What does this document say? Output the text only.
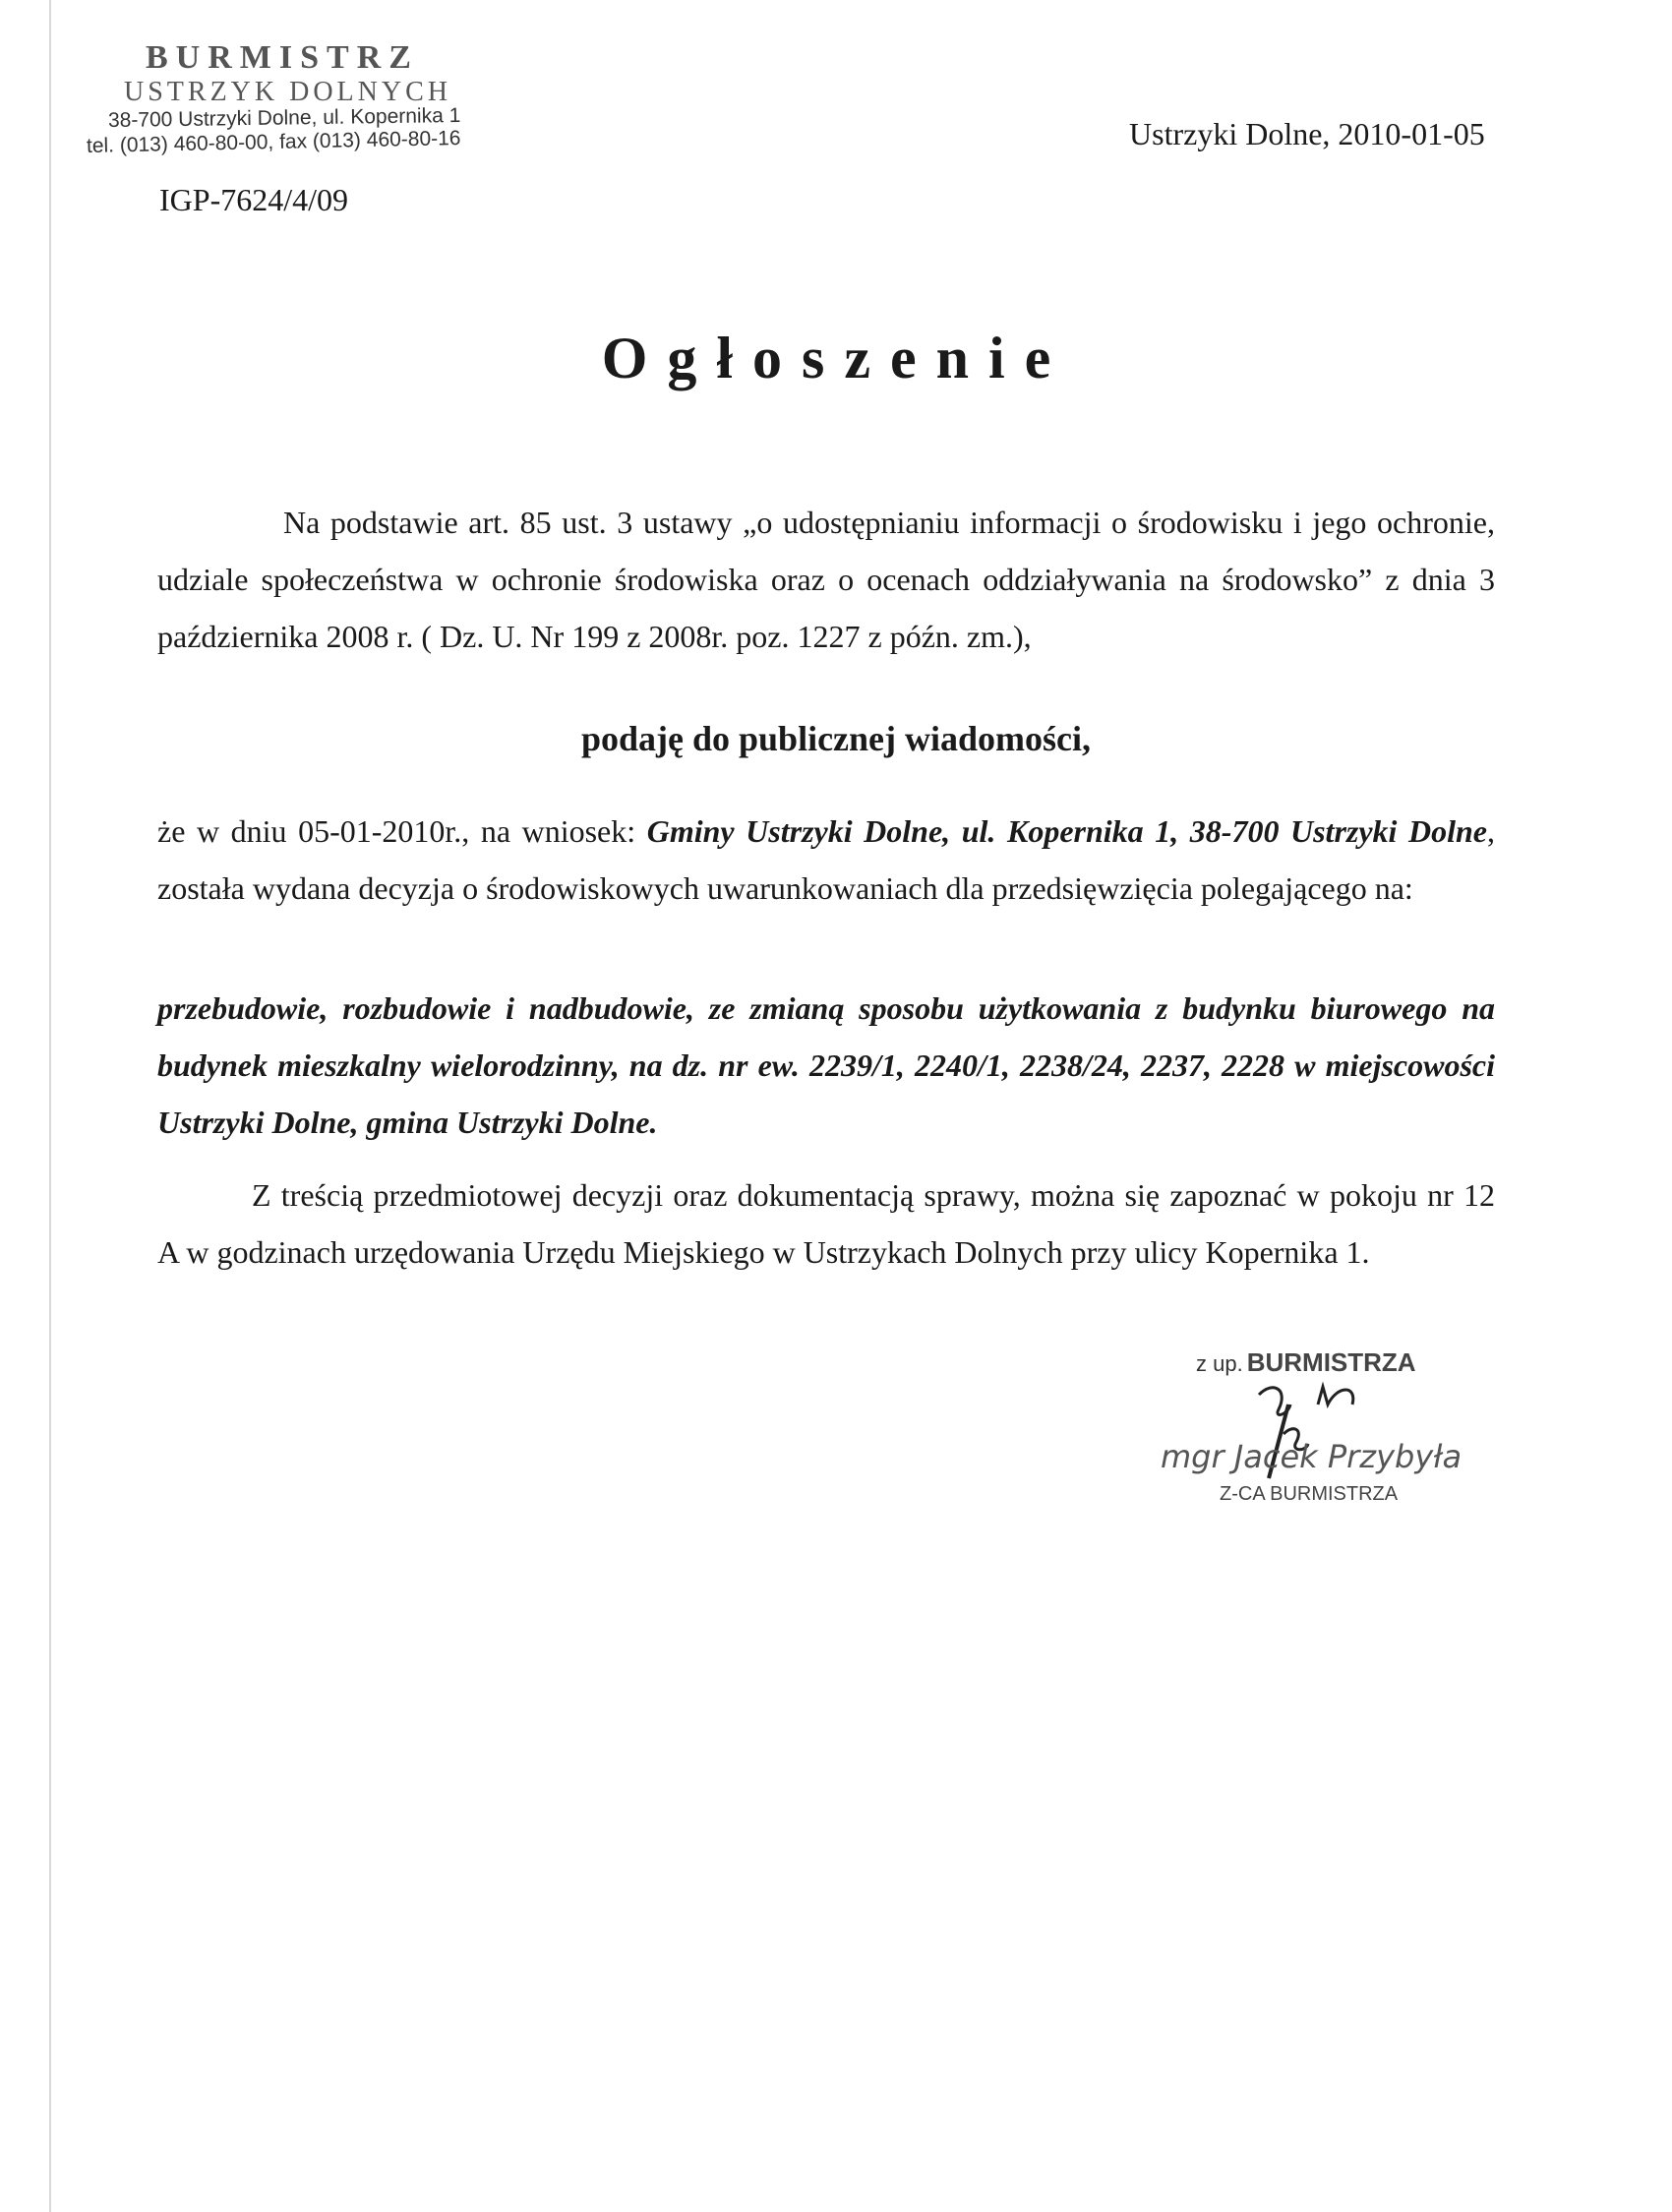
BURMISTRZ
USTRZYK DOLNYCH
38-700 Ustrzyki Dolne, ul. Kopernika 1
tel. (013) 460-80-00, fax (013) 460-80-16	Ustrzyki Dolne, 2010-01-05
IGP-7624/4/09
Ogłoszenie
Na podstawie art. 85 ust. 3 ustawy „o udostępnianiu informacji o środowisku i jego ochronie, udziale społeczeństwa w ochronie środowiska oraz o ocenach oddziaływania na środowsko” z dnia 3 października 2008 r. ( Dz. U. Nr 199 z 2008r. poz. 1227 z późn. zm.),
podaję do publicznej wiadomości,
że w dniu 05-01-2010r., na wniosek: Gminy Ustrzyki Dolne, ul. Kopernika 1, 38-700 Ustrzyki Dolne, została wydana decyzja o środowiskowych uwarunkowaniach dla przedsięwzięcia polegającego na:
przebudowie, rozbudowie i nadbudowie, ze zmianą sposobu użytkowania z budynku biurowego na budynek mieszkalny wielorodzinny, na dz. nr ew. 2239/1, 2240/1, 2238/24, 2237, 2228 w miejscowości Ustrzyki Dolne, gmina Ustrzyki Dolne.
Z treścią przedmiotowej decyzji oraz dokumentacją sprawy, można się zapoznać w pokoju nr 12 A w godzinach urzędowania Urzędu Miejskiego w Ustrzykach Dolnych przy ulicy Kopernika 1.
z up. BURMISTRZA
mgr Jacek Przybyła
Z-CA BURMISTRZA
